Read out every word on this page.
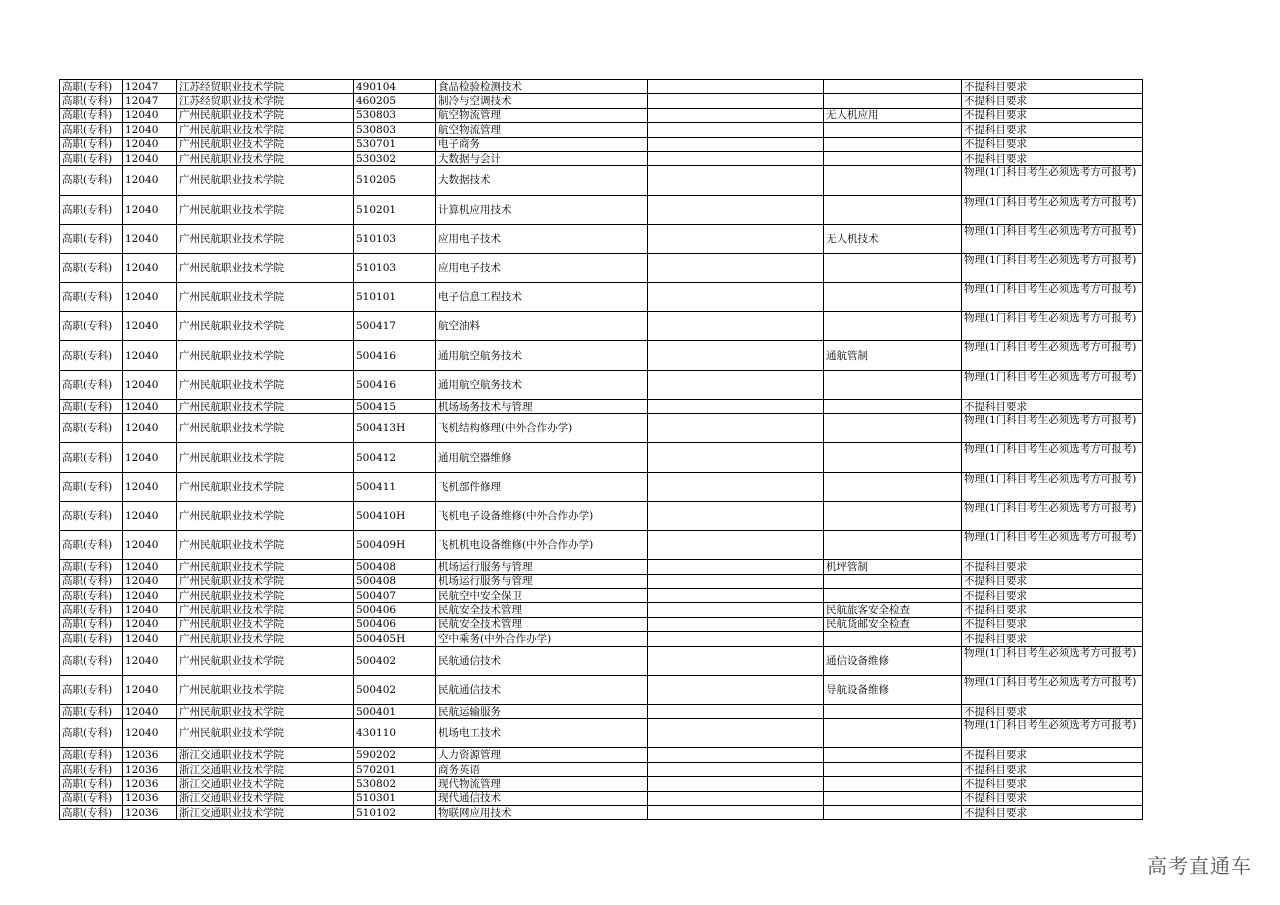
高职(专科)	12047	江苏经贸职业技术学院	490104	食品检验检测技术			不提科目要求
高职(专科)	12047	江苏经贸职业技术学院	460205	制冷与空调技术			不提科目要求
高职(专科)	12040	广州民航职业技术学院	530803	航空物流管理		无人机应用	不提科目要求
高职(专科)	12040	广州民航职业技术学院	530803	航空物流管理			不提科目要求
高职(专科)	12040	广州民航职业技术学院	530701	电子商务			不提科目要求
高职(专科)	12040	广州民航职业技术学院	530302	大数据与会计			不提科目要求
高职(专科)	12040	广州民航职业技术学院	510205	大数据技术			物理(1门科目考生必须选考方可报考)
高职(专科)	12040	广州民航职业技术学院	510201	计算机应用技术			物理(1门科目考生必须选考方可报考)
高职(专科)	12040	广州民航职业技术学院	510103	应用电子技术		无人机技术	物理(1门科目考生必须选考方可报考)
高职(专科)	12040	广州民航职业技术学院	510103	应用电子技术			物理(1门科目考生必须选考方可报考)
高职(专科)	12040	广州民航职业技术学院	510101	电子信息工程技术			物理(1门科目考生必须选考方可报考)
高职(专科)	12040	广州民航职业技术学院	500417	航空油料			物理(1门科目考生必须选考方可报考)
高职(专科)	12040	广州民航职业技术学院	500416	通用航空航务技术		通航管制	物理(1门科目考生必须选考方可报考)
高职(专科)	12040	广州民航职业技术学院	500416	通用航空航务技术			物理(1门科目考生必须选考方可报考)
高职(专科)	12040	广州民航职业技术学院	500415	机场场务技术与管理			不提科目要求
高职(专科)	12040	广州民航职业技术学院	500413H	飞机结构修理(中外合作办学)			物理(1门科目考生必须选考方可报考)
高职(专科)	12040	广州民航职业技术学院	500412	通用航空器维修			物理(1门科目考生必须选考方可报考)
高职(专科)	12040	广州民航职业技术学院	500411	飞机部件修理			物理(1门科目考生必须选考方可报考)
高职(专科)	12040	广州民航职业技术学院	500410H	飞机电子设备维修(中外合作办学)			物理(1门科目考生必须选考方可报考)
高职(专科)	12040	广州民航职业技术学院	500409H	飞机机电设备维修(中外合作办学)			物理(1门科目考生必须选考方可报考)
高职(专科)	12040	广州民航职业技术学院	500408	机场运行服务与管理		机坪管制	不提科目要求
高职(专科)	12040	广州民航职业技术学院	500408	机场运行服务与管理			不提科目要求
高职(专科)	12040	广州民航职业技术学院	500407	民航空中安全保卫			不提科目要求
高职(专科)	12040	广州民航职业技术学院	500406	民航安全技术管理		民航旅客安全检查	不提科目要求
高职(专科)	12040	广州民航职业技术学院	500406	民航安全技术管理		民航货邮安全检查	不提科目要求
高职(专科)	12040	广州民航职业技术学院	500405H	空中乘务(中外合作办学)			不提科目要求
高职(专科)	12040	广州民航职业技术学院	500402	民航通信技术		通信设备维修	物理(1门科目考生必须选考方可报考)
高职(专科)	12040	广州民航职业技术学院	500402	民航通信技术		导航设备维修	物理(1门科目考生必须选考方可报考)
高职(专科)	12040	广州民航职业技术学院	500401	民航运输服务			不提科目要求
高职(专科)	12040	广州民航职业技术学院	430110	机场电工技术			物理(1门科目考生必须选考方可报考)
高职(专科)	12036	浙江交通职业技术学院	590202	人力资源管理			不提科目要求
高职(专科)	12036	浙江交通职业技术学院	570201	商务英语			不提科目要求
高职(专科)	12036	浙江交通职业技术学院	530802	现代物流管理			不提科目要求
高职(专科)	12036	浙江交通职业技术学院	510301	现代通信技术			不提科目要求
高职(专科)	12036	浙江交通职业技术学院	510102	物联网应用技术			不提科目要求
高考直通车
